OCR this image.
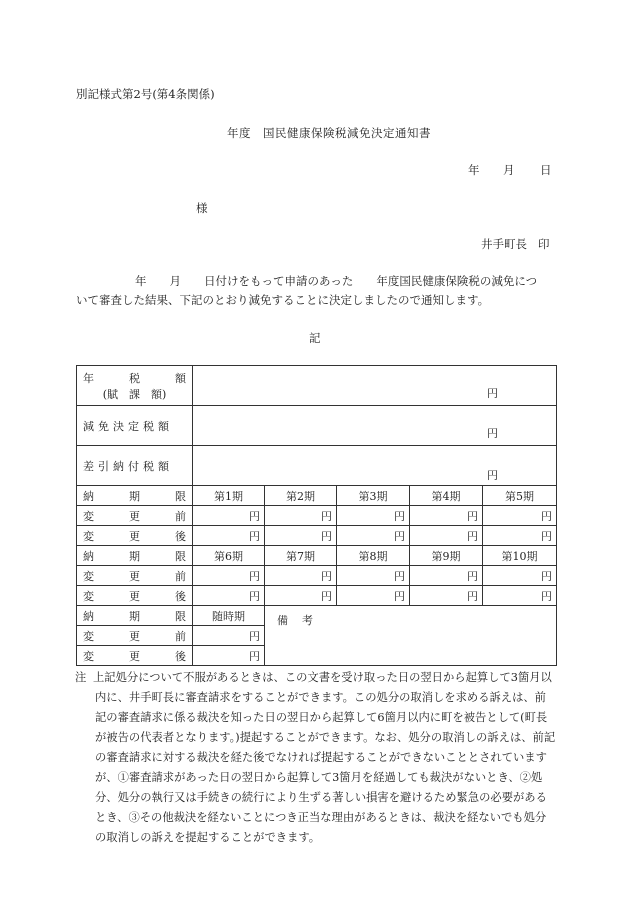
別記様式第2号(第4条関係)
年度　国民健康保険税減免決定通知書
年 月 日
様
井手町長 印
年　　月　　日付けをもって申請のあった　　年度国民健康保険税の減免につ
いて審査した結果、下記のとおり減免することに決定しましたので通知します。
記
年 税 額
(賦　課　額)	円				
減免決定税額	円				
差引納付税額	円				

納 期 限	第1期	第2期	第3期	第4期	第5期

変 更 前	円	円	円	円	円

変 更 後	円	円	円	円	円

納 期 限	第6期	第7期	第8期	第9期	第10期

変 更 前	円	円	円	円	円

変 更 後	円	円	円	円	円

納 期 限	随時期	備考			

変 更 前	円				

変 更 後	円				
注 上記処分について不服があるときは、この文書を受け取った日の翌日から起算して3箇月以内に、井手町長に審査請求をすることができます。この処分の取消しを求める訴えは、前記の審査請求に係る裁決を知った日の翌日から起算して6箇月以内に町を被告として(町長が被告の代表者となります。)提起することができます。なお、処分の取消しの訴えは、前記の審査請求に対する裁決を経た後でなければ提起することができないこととされていますが、①審査請求があった日の翌日から起算して3箇月を経過しても裁決がないとき、②処分、処分の執行又は手続きの続行により生ずる著しい損害を避けるため緊急の必要があるとき、③その他裁決を経ないことにつき正当な理由があるときは、裁決を経ないでも処分の取消しの訴えを提起することができます。
